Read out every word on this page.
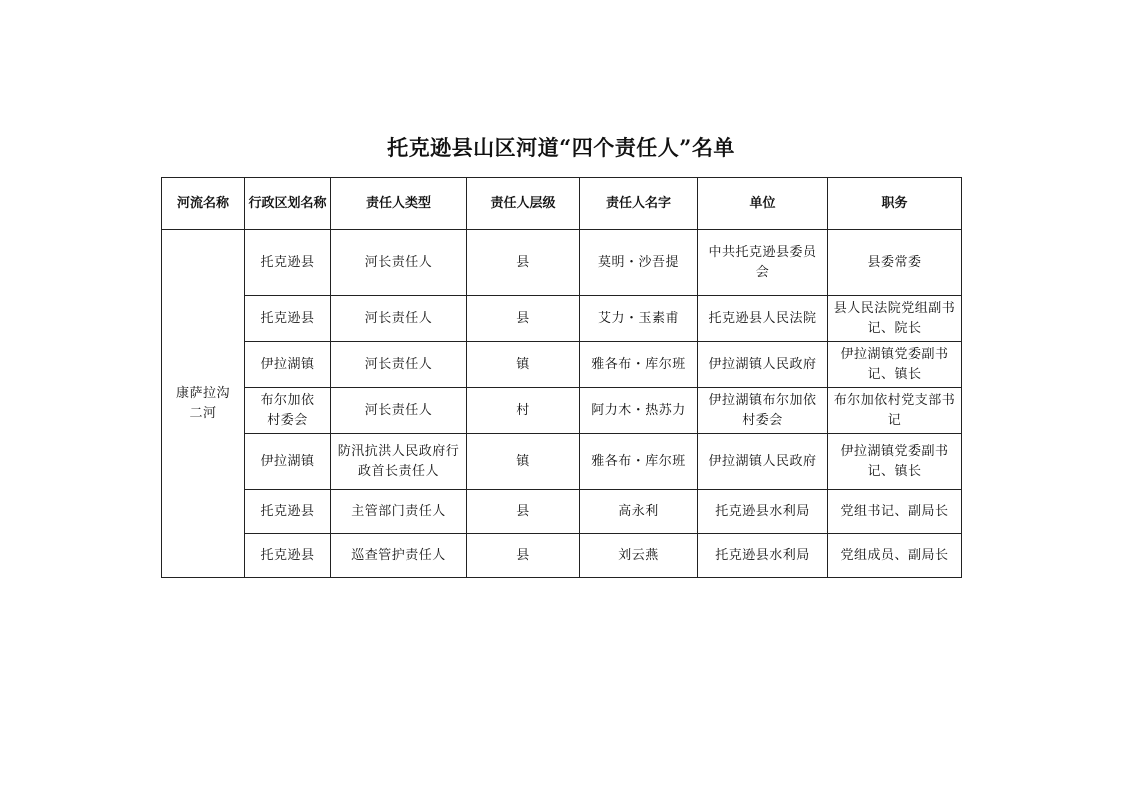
托克逊县山区河道“四个责任人”名单
河流名称	行政区划名称	责任人类型	责任人层级	责任人名字	单位	职务
康萨拉沟二河	托克逊县	河长责任人	县	莫明・沙吾提	中共托克逊县委员会	县委常委
	托克逊县	河长责任人	县	艾力・玉素甫	托克逊县人民法院	县人民法院党组副书记、院长
	伊拉湖镇	河长责任人	镇	雅各布・库尔班	伊拉湖镇人民政府	伊拉湖镇党委副书记、镇长
	布尔加依村委会	河长责任人	村	阿力木・热苏力	伊拉湖镇布尔加依村委会	布尔加依村党支部书记
	伊拉湖镇	防汛抗洪人民政府行政首长责任人	镇	雅各布・库尔班	伊拉湖镇人民政府	伊拉湖镇党委副书记、镇长
	托克逊县	主管部门责任人	县	高永利	托克逊县水利局	党组书记、副局长
	托克逊县	巡查管护责任人	县	刘云燕	托克逊县水利局	党组成员、副局长
